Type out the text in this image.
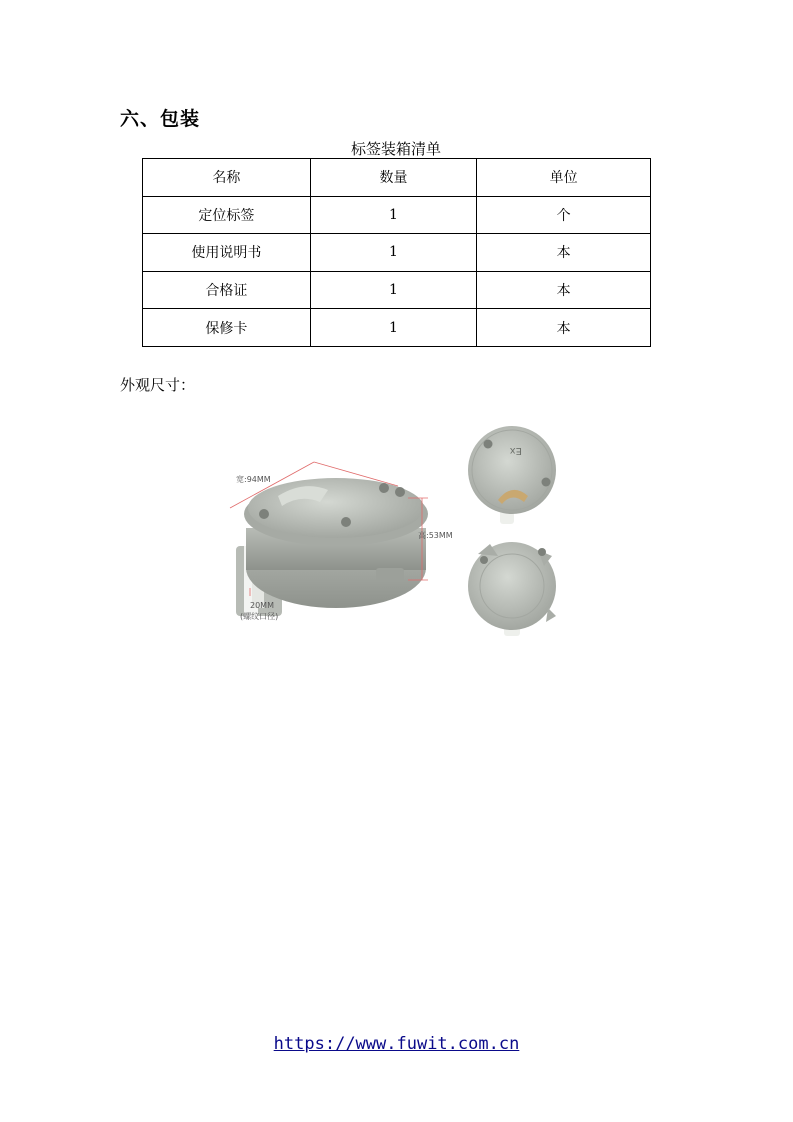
六、包装
标签装箱清单
名称	数量	单位
定位标签	1	个
使用说明书	1	本
合格证	1	本
保修卡	1	本
外观尺寸：
宽:94MM
高:53MM
20MM
(螺纹口径)
Ex
https://www.fuwit.com.cn
